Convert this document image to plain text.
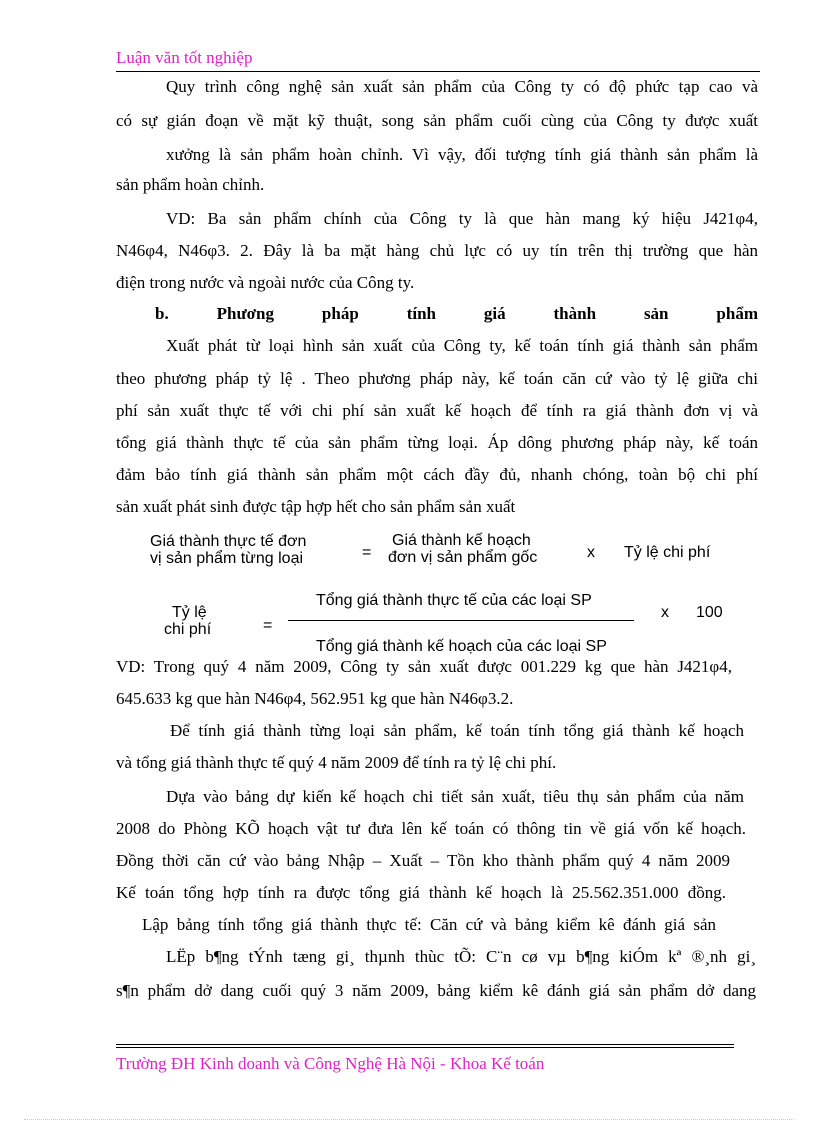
Luận văn tốt nghiệp
Quy trình công nghệ sản xuất sản phẩm của Công ty có độ phức tạp cao và
có sự gián đoạn về mặt kỹ thuật, song sản phẩm cuối cùng của Công ty được xuất
xưởng là sản phẩm hoàn chỉnh. Vì vậy, đối tượng tính giá thành sản phẩm là
sản phẩm hoàn chỉnh.
VD: Ba sản phẩm chính của Công ty là que hàn mang ký hiệu J421φ4,
N46φ4, N46φ3. 2. Đây là ba mặt hàng chủ lực có uy tín trên thị trường que hàn
điện trong nước và ngoài nước của Công ty.
b. Phương pháp tính giá thành sản phẩm
Xuất phát từ loại hình sản xuất của Công ty, kế toán tính giá thành sản phẩm
theo phương pháp tỷ lệ . Theo phương pháp này, kế toán căn cứ vào tỷ lệ giữa chi
phí sản xuất thực tế với chi phí sản xuất kế hoạch để tính ra giá thành đơn vị và
tổng giá thành thực tế của sản phẩm từng loại. Áp dông phương pháp này, kế toán
đảm bảo tính giá thành sản phẩm một cách đầy đủ, nhanh chóng, toàn bộ chi phí
sản xuất phát sinh được tập hợp hết cho sản phẩm sản xuất
Giá thành thực tế đơn
vị sản phẩm từng loại	=
Giá thành kế hoạch
đơn vị sản phẩm gốc	x Tỷ lệ chi phí
Tỷ lệ
chi phí	=
Tổng giá thành thực tế của các loại SP
Tổng giá thành kế hoạch của các loại SP
x 100
VD: Trong quý 4 năm 2009, Công ty sản xuất được 001.229 kg que hàn J421φ4,
645.633 kg que hàn N46φ4, 562.951 kg que hàn N46φ3.2.
Để tính giá thành từng loại sản phẩm, kế toán tính tổng giá thành kế hoạch
và tổng giá thành thực tế quý 4 năm 2009 để tính ra tỷ lệ chi phí.
Dựa vào bảng dự kiến kế hoạch chi tiết sản xuất, tiêu thụ sản phẩm của năm
2008 do Phòng KÕ hoạch vật tư đưa lên kế toán có thông tin về giá vốn kế hoạch.
Đồng thời căn cứ vào bảng Nhập – Xuất – Tồn kho thành phẩm quý 4 năm 2009
Kế toán tổng hợp tính ra được tổng giá thành kế hoạch là 25.562.351.000 đồng.
Lập bảng tính tổng giá thành thực tế: Căn cứ và bảng kiểm kê đánh giá sản
LËp b¶ng tÝnh tæng gi¸ thµnh thùc tÕ: C¨n cø vµ b¶ng kiÓm kª ®¸nh gi¸
s¶n phẩm dở dang cuối quý 3 năm 2009, bảng kiểm kê đánh giá sản phẩm dở dang
Trường ĐH Kinh doanh và Công Nghệ Hà Nội - Khoa Kế toán
